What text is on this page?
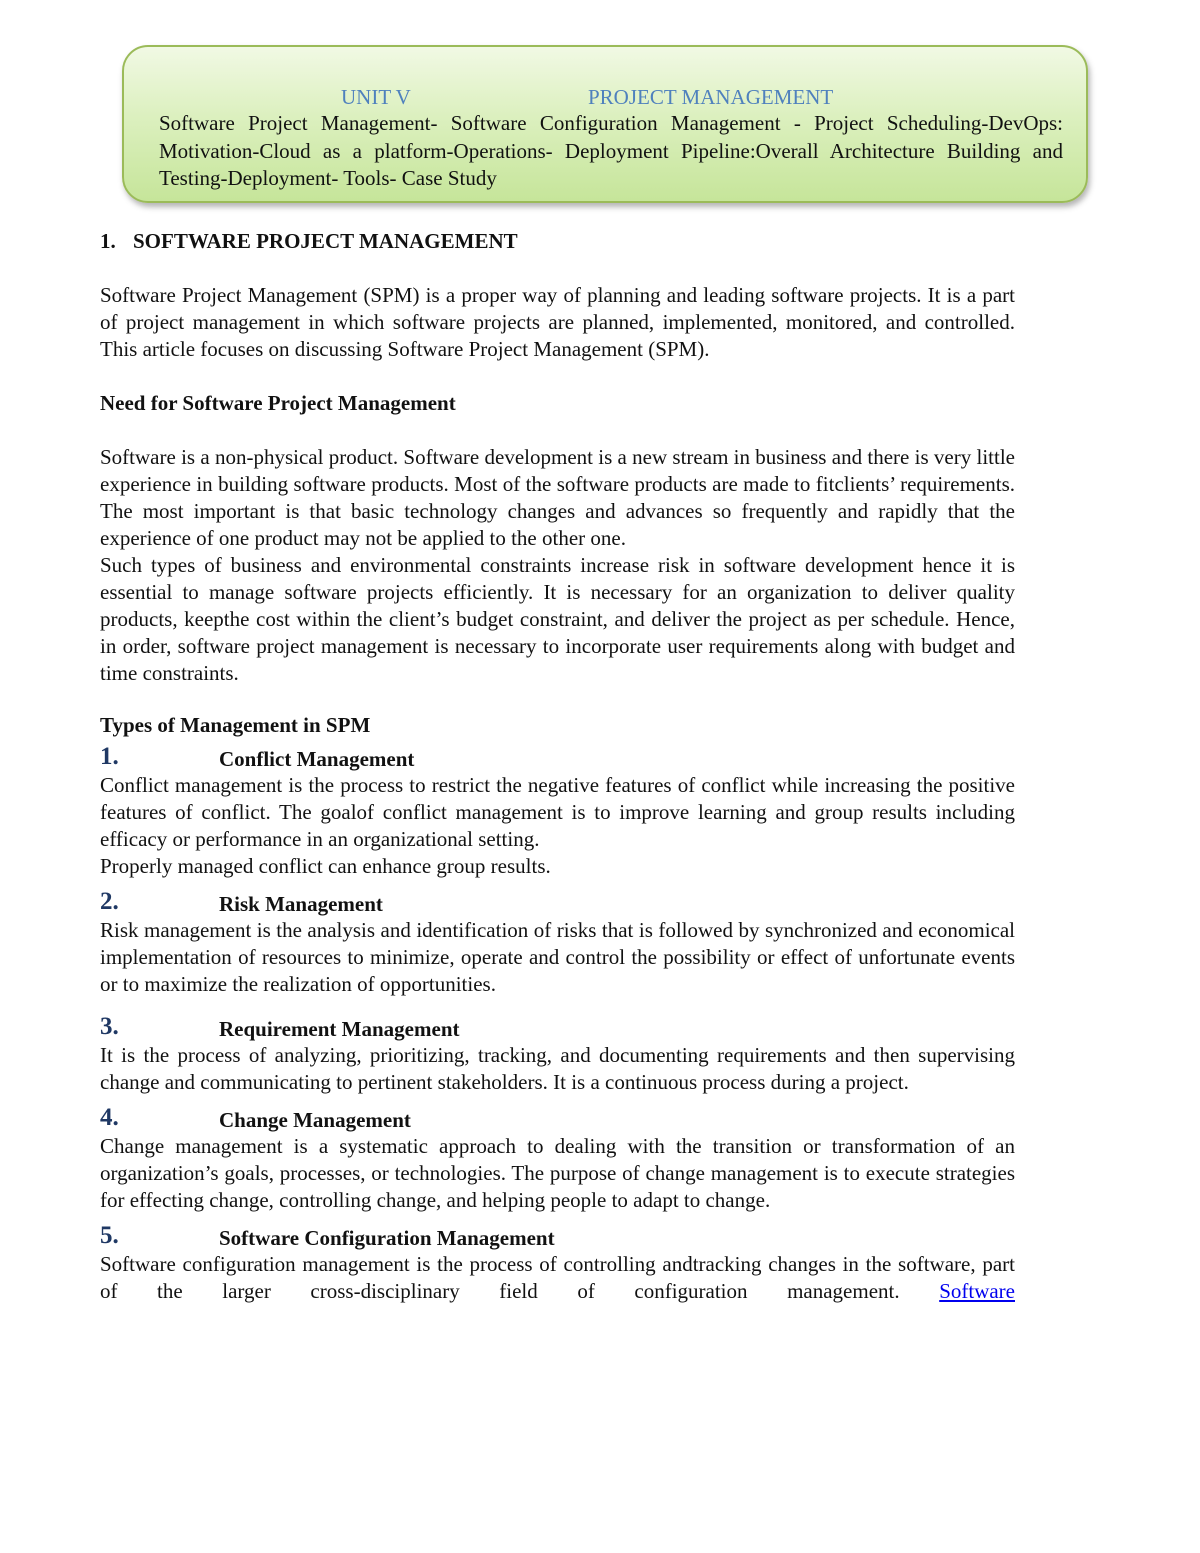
UNIT V	PROJECT MANAGEMENT
Software Project Management- Software Configuration Management - Project Scheduling-DevOps: Motivation-Cloud as a platform-Operations- Deployment Pipeline:Overall Architecture Building and Testing-Deployment- Tools- Case Study

1. SOFTWARE PROJECT MANAGEMENT

Software Project Management (SPM) is a proper way of planning and leading software projects. It is a part of project management in which software projects are planned, implemented, monitored, and controlled. This article focuses on discussing Software Project Management (SPM).

Need for Software Project Management

Software is a non-physical product. Software development is a new stream in business and there is very little experience in building software products. Most of the software products are made to fitclients’ requirements. The most important is that basic technology changes and advances so frequently and rapidly that the experience of one product may not be applied to the other one.

Such types of business and environmental constraints increase risk in software development hence it is essential to manage software projects efficiently. It is necessary for an organization to deliver quality products, keepthe cost within the client’s budget constraint, and deliver the project as per schedule. Hence, in order, software project management is necessary to incorporate user requirements along with budget and time constraints.

Types of Management in SPM

1.	Conflict Management

Conflict management is the process to restrict the negative features of conflict while increasing the positive features of conflict. The goalof conflict management is to improve learning and group results including efficacy or performance in an organizational setting.

Properly managed conflict can enhance group results.

2.	Risk Management

Risk management is the analysis and identification of risks that is followed by synchronized and economical implementation of resources to minimize, operate and control the possibility or effect of unfortunate events or to maximize the realization of opportunities.

3.	Requirement Management

It is the process of analyzing, prioritizing, tracking, and documenting requirements and then supervising change and communicating to pertinent stakeholders. It is a continuous process during a project.

4.	Change Management

Change management is a systematic approach to dealing with the transition or transformation of an organization’s goals, processes, or technologies. The purpose of change management is to execute strategies for effecting change, controlling change, and helping people to adapt to change.

5.	Software Configuration Management

Software configuration management is the process of controlling andtracking changes in the software, part of the larger cross-disciplinary field of configuration management. Software
